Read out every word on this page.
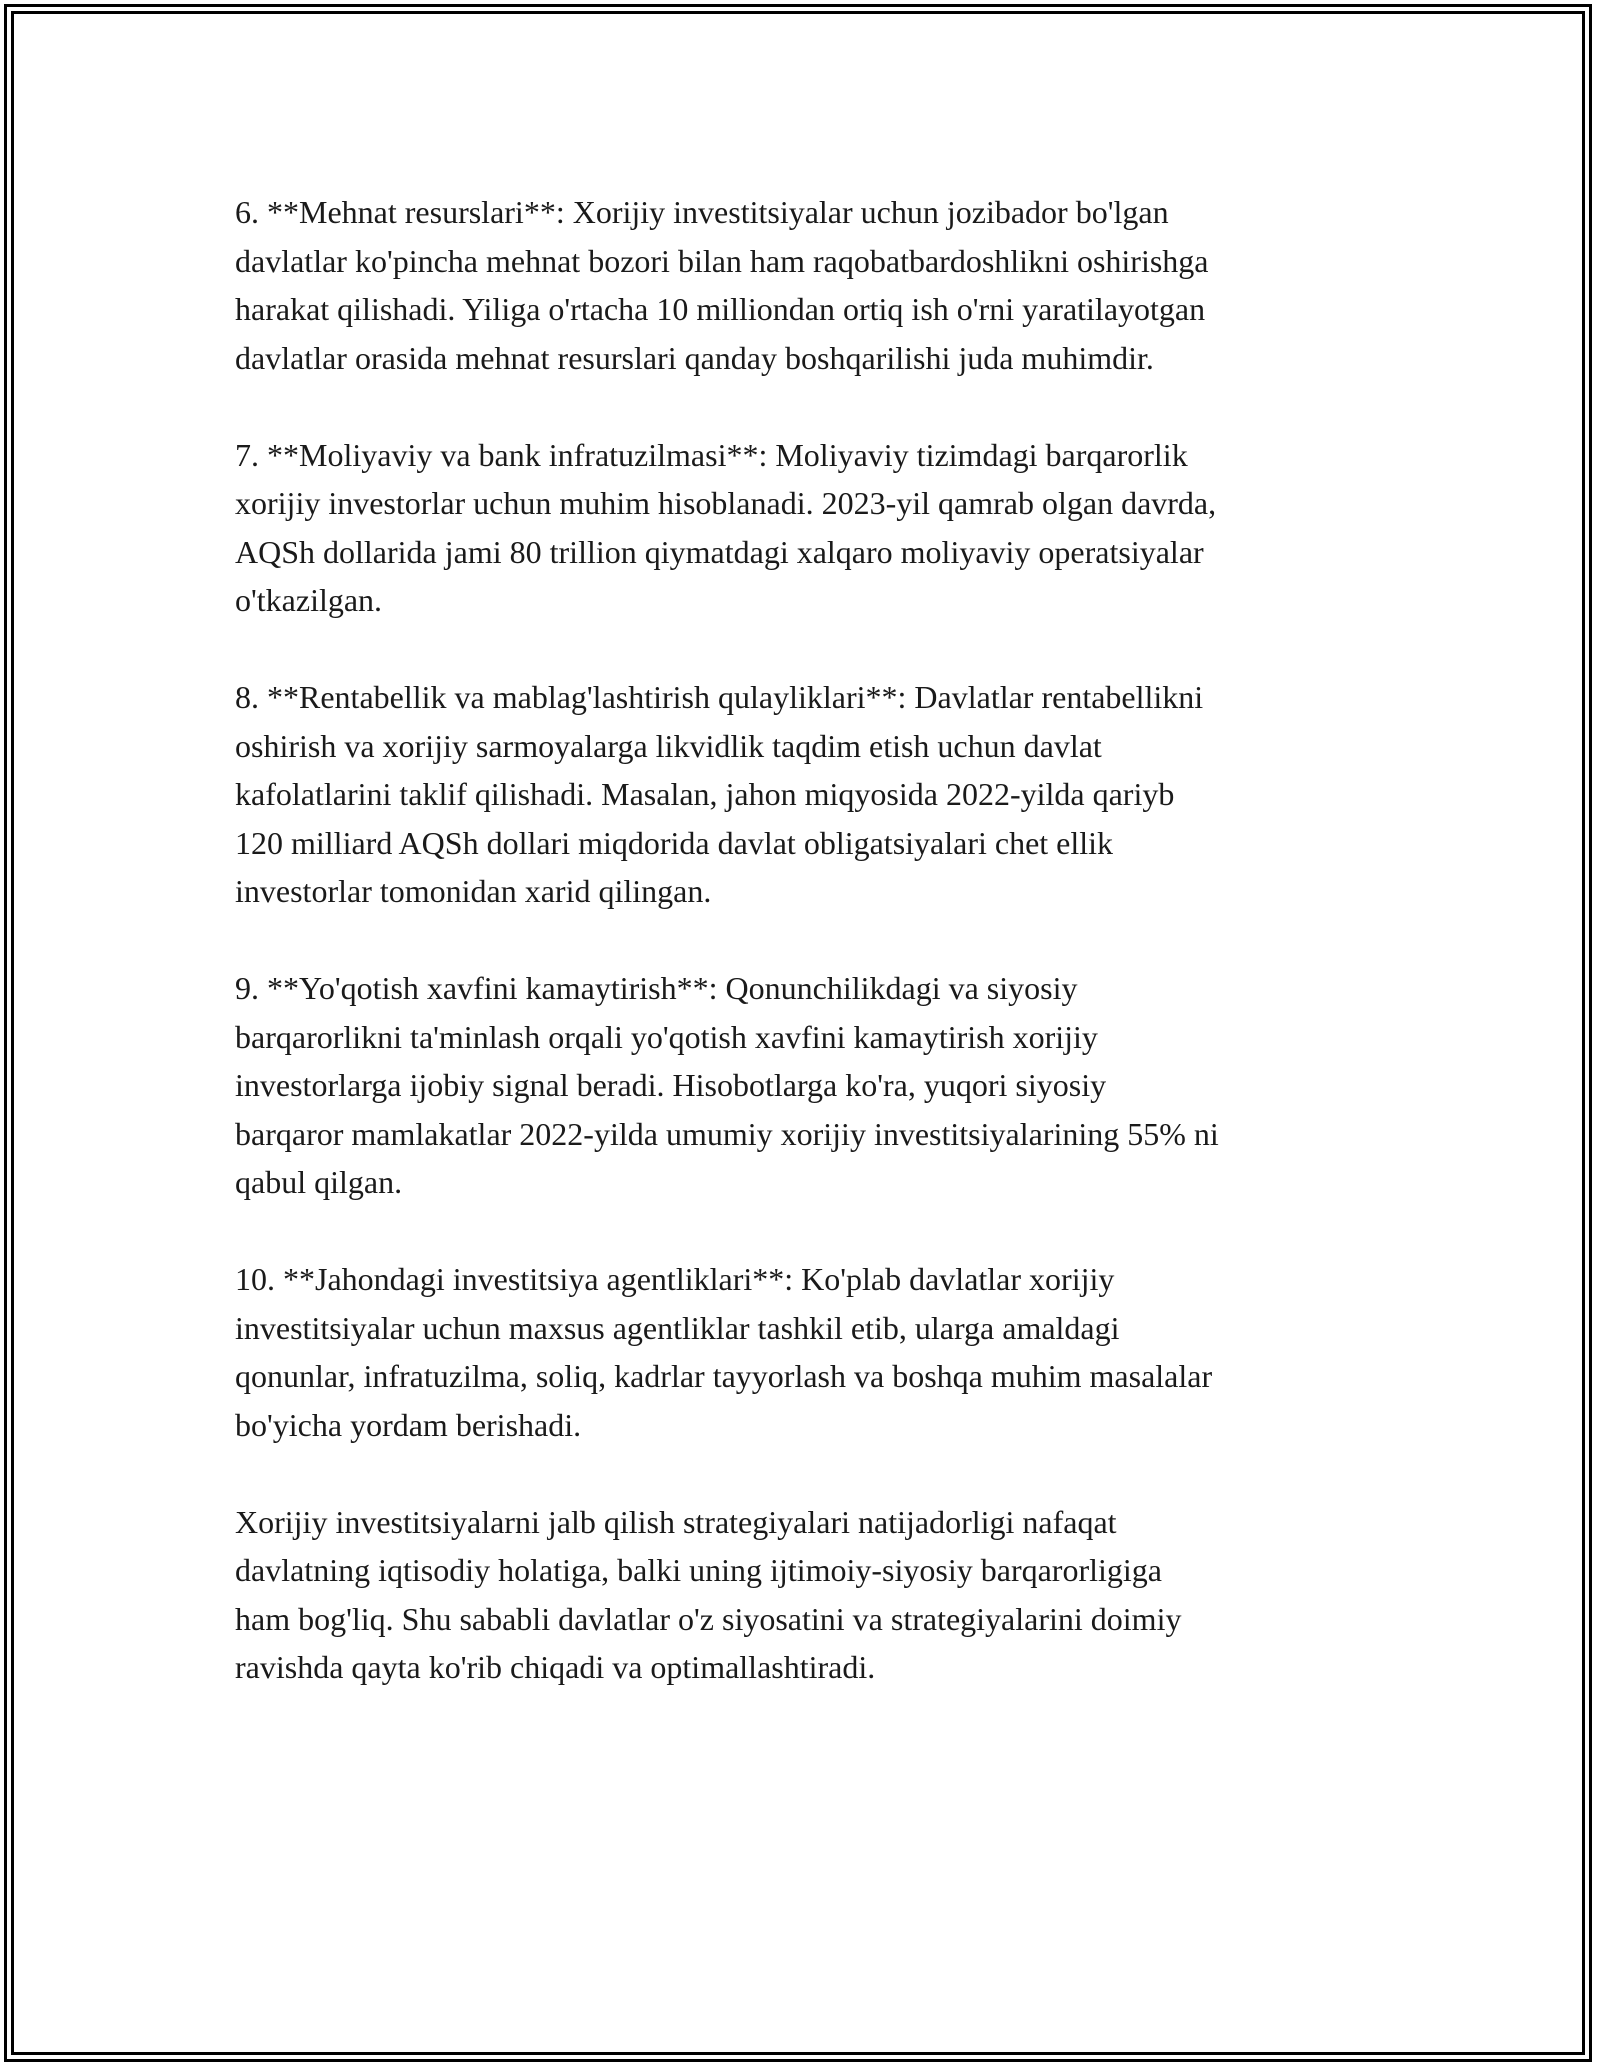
6. **Mehnat resurslari**: Xorijiy investitsiyalar uchun jozibador bo'lgan
davlatlar ko'pincha mehnat bozori bilan ham raqobatbardoshlikni oshirishga
harakat qilishadi. Yiliga o'rtacha 10 milliondan ortiq ish o'rni yaratilayotgan
davlatlar orasida mehnat resurslari qanday boshqarilishi juda muhimdir.

7. **Moliyaviy va bank infratuzilmasi**: Moliyaviy tizimdagi barqarorlik
xorijiy investorlar uchun muhim hisoblanadi. 2023-yil qamrab olgan davrda,
AQSh dollarida jami 80 trillion qiymatdagi xalqaro moliyaviy operatsiyalar
o'tkazilgan.

8. **Rentabellik va mablag'lashtirish qulayliklari**: Davlatlar rentabellikni
oshirish va xorijiy sarmoyalarga likvidlik taqdim etish uchun davlat
kafolatlarini taklif qilishadi. Masalan, jahon miqyosida 2022-yilda qariyb
120 milliard AQSh dollari miqdorida davlat obligatsiyalari chet ellik
investorlar tomonidan xarid qilingan.

9. **Yo'qotish xavfini kamaytirish**: Qonunchilikdagi va siyosiy
barqarorlikni ta'minlash orqali yo'qotish xavfini kamaytirish xorijiy
investorlarga ijobiy signal beradi. Hisobotlarga ko'ra, yuqori siyosiy
barqaror mamlakatlar 2022-yilda umumiy xorijiy investitsiyalarining 55% ni
qabul qilgan.

10. **Jahondagi investitsiya agentliklari**: Ko'plab davlatlar xorijiy
investitsiyalar uchun maxsus agentliklar tashkil etib, ularga amaldagi
qonunlar, infratuzilma, soliq, kadrlar tayyorlash va boshqa muhim masalalar
bo'yicha yordam berishadi.

Xorijiy investitsiyalarni jalb qilish strategiyalari natijadorligi nafaqat
davlatning iqtisodiy holatiga, balki uning ijtimoiy-siyosiy barqarorligiga
ham bog'liq. Shu sababli davlatlar o'z siyosatini va strategiyalarini doimiy
ravishda qayta ko'rib chiqadi va optimallashtiradi.
